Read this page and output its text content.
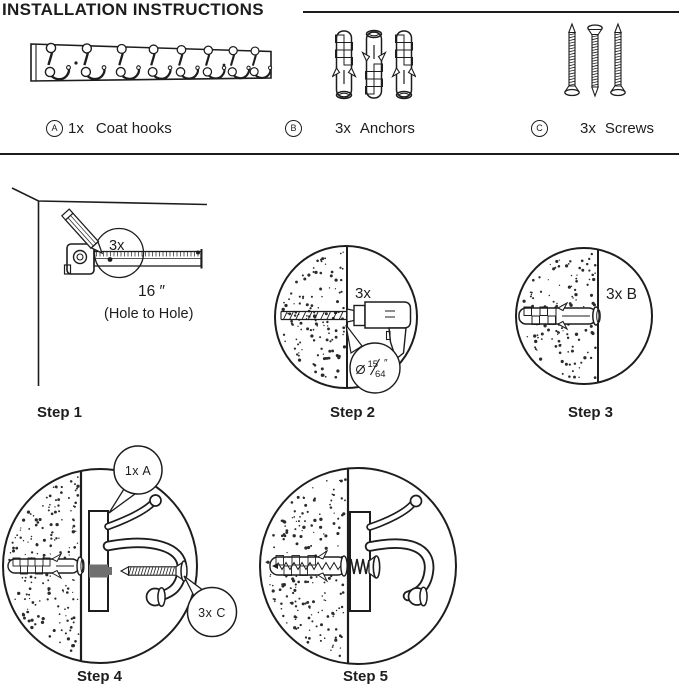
INSTALLATION INSTRUCTIONS
A 1x Coat hooks	B	3x Anchors	C	3x Screws
3x
16 ″
(Hole to Hole)
3x
15
64
″
3x B
1x A
3x C
Step 1	Step 2	Step 3
Step 4	Step 5
